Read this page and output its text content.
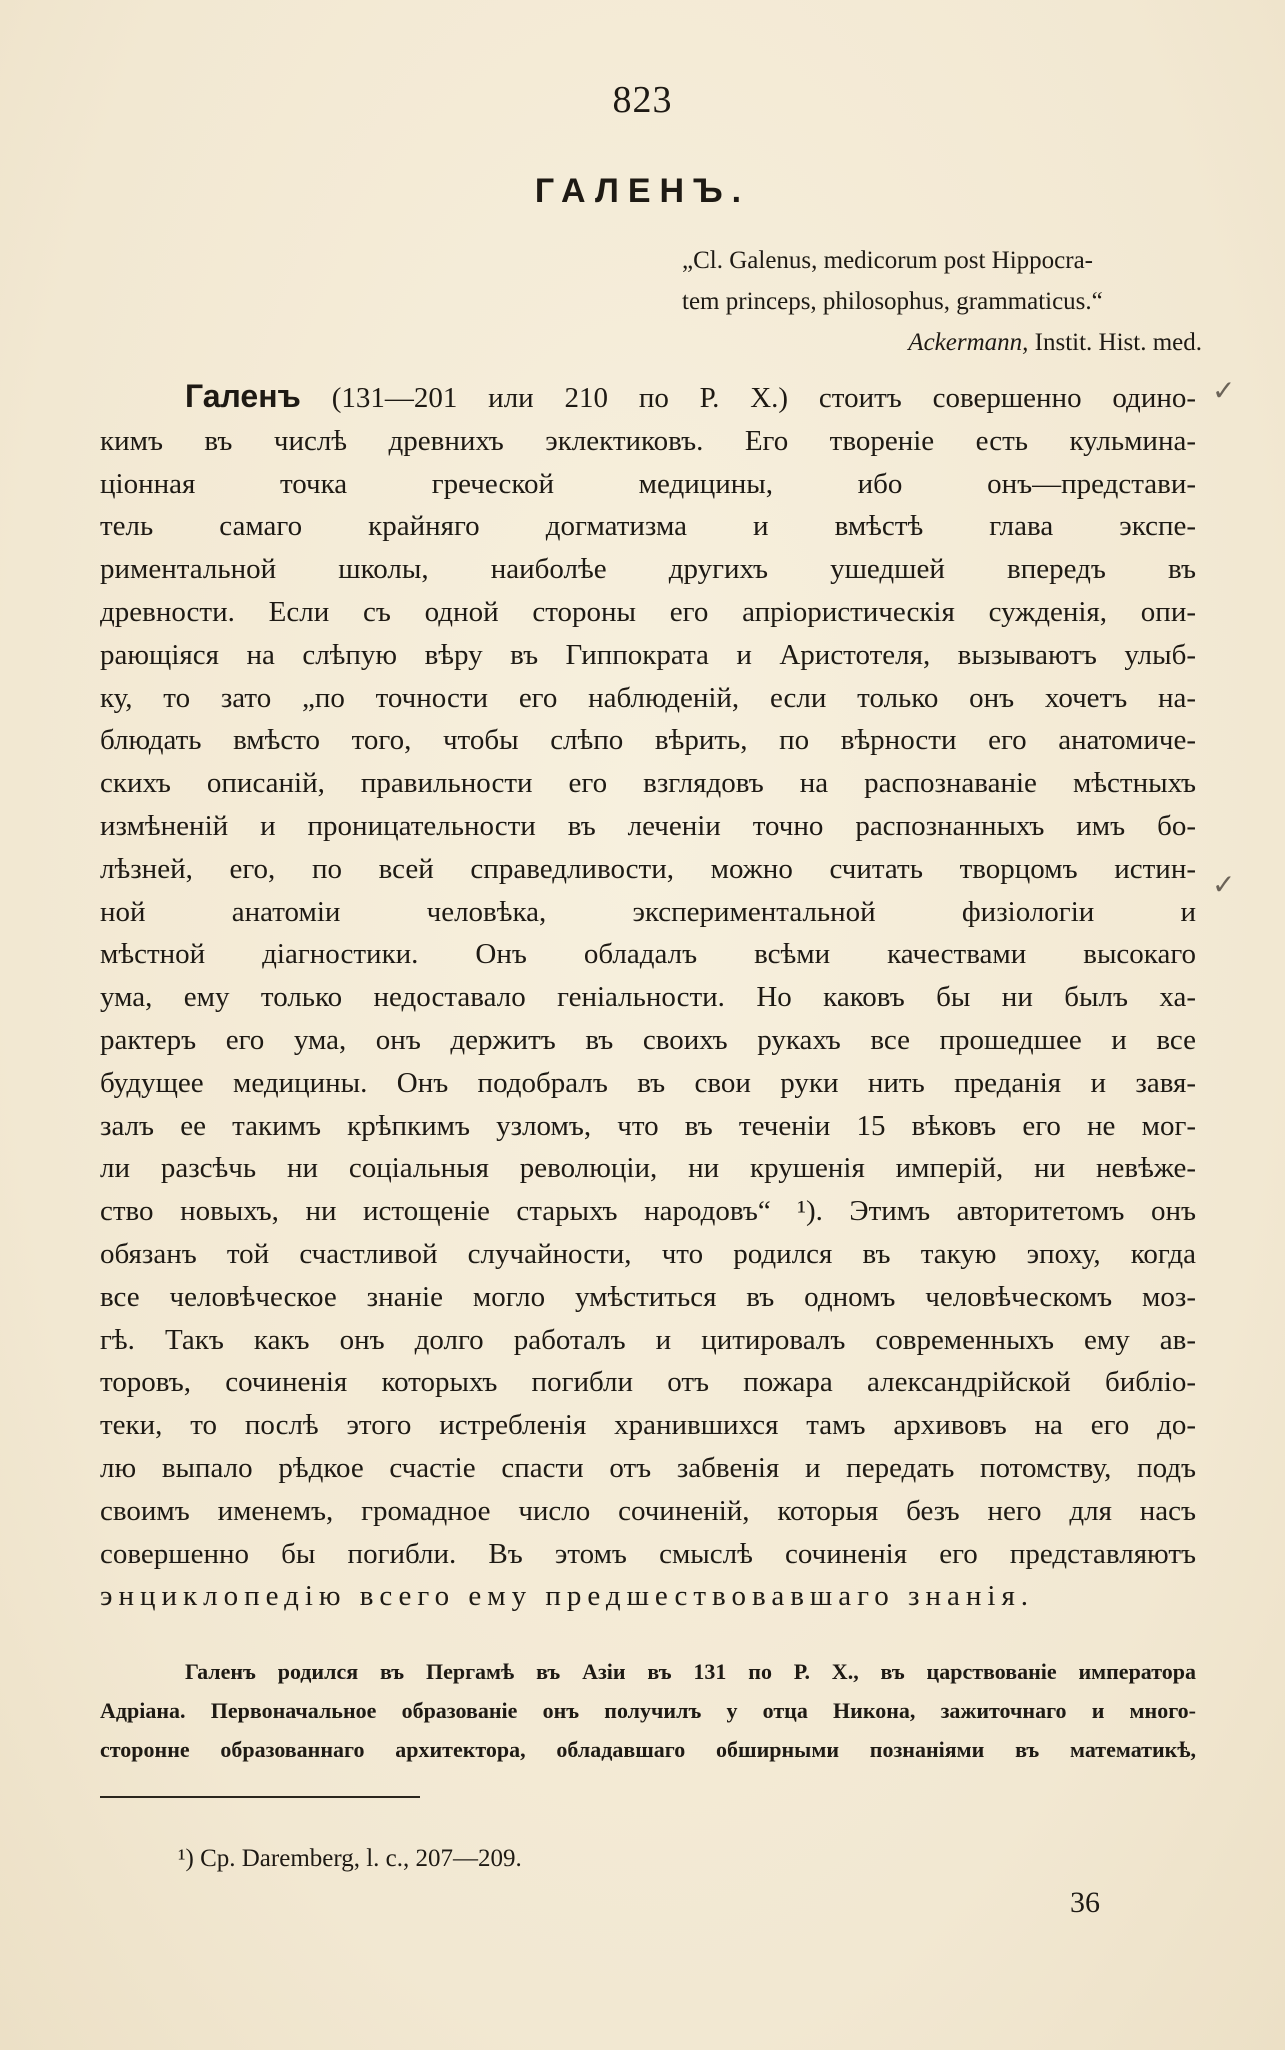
823
ГАЛЕНЪ.
„Cl. Galenus, medicorum post Hippocra-
tem princeps, philosophus, grammaticus.“
Ackermann, Instit. Hist. med.
Галенъ (131—201 или 210 по Р. Х.) стоитъ совершенно одино-
кимъ въ числѣ древнихъ эклектиковъ. Его твореніе есть кульмина-
ціонная точка греческой медицины, ибо онъ—представи-
тель самаго крайняго догматизма и вмѣстѣ глава экспе-
риментальной школы, наиболѣе другихъ ушедшей впередъ въ
древности. Если съ одной стороны его апріористическія сужденія, опи-
рающіяся на слѣпую вѣру въ Гиппократа и Аристотеля, вызываютъ улыб-
ку, то зато „по точности его наблюденій, если только онъ хочетъ на-
блюдать вмѣсто того, чтобы слѣпо вѣрить, по вѣрности его анатомиче-
скихъ описаній, правильности его взглядовъ на распознаваніе мѣстныхъ
измѣненій и проницательности въ леченіи точно распознанныхъ имъ бо-
лѣзней, его, по всей справедливости, можно считать творцомъ истин-
ной анатоміи человѣка, экспериментальной физіологіи и
мѣстной діагностики. Онъ обладалъ всѣми качествами высокаго
ума, ему только недоставало геніальности. Но каковъ бы ни былъ ха-
рактеръ его ума, онъ держитъ въ своихъ рукахъ все прошедшее и все
будущее медицины. Онъ подобралъ въ свои руки нить преданія и завя-
залъ ее такимъ крѣпкимъ узломъ, что въ теченіи 15 вѣковъ его не мог-
ли разсѣчь ни соціальныя революціи, ни крушенія имперій, ни невѣже-
ство новыхъ, ни истощеніе старыхъ народовъ“ ¹). Этимъ авторитетомъ онъ
обязанъ той счастливой случайности, что родился въ такую эпоху, когда
все человѣческое знаніе могло умѣститься въ одномъ человѣческомъ моз-
гѣ. Такъ какъ онъ долго работалъ и цитировалъ современныхъ ему ав-
торовъ, сочиненія которыхъ погибли отъ пожара александрійской библіо-
теки, то послѣ этого истребленія хранившихся тамъ архивовъ на его до-
лю выпало рѣдкое счастіе спасти отъ забвенія и передать потомству, подъ
своимъ именемъ, громадное число сочиненій, которыя безъ него для насъ
совершенно бы погибли. Въ этомъ смыслѣ сочиненія его представляютъ
энциклопедію всего ему предшествовавшаго знанія.
Галенъ родился въ Пергамѣ въ Азіи въ 131 по Р. Х., въ царствованіе императора
Адріана. Первоначальное образованіе онъ получилъ у отца Никона, зажиточнаго и много-
сторонне образованнаго архитектора, обладавшаго обширными познаніями въ математикѣ,
¹) Ср. Daremberg, l. c., 207—209.
36
✓
✓
